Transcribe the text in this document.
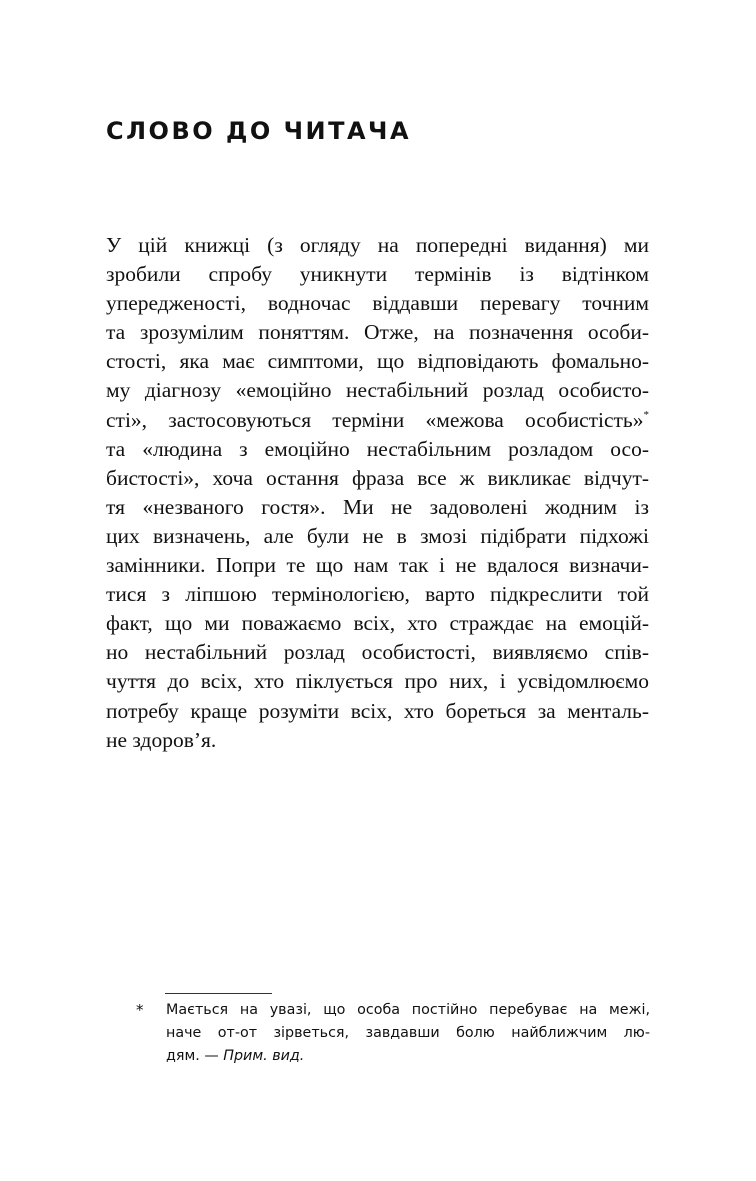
СЛОВО ДО ЧИТАЧА
У цій книжці (з огляду на попередні видання) ми
зробили спробу уникнути термінів із відтінком
упередженості, водночас віддавши перевагу точним
та зрозумілим поняттям. Отже, на позначення особи-
стості, яка має симптоми, що відповідають фомально-
му діагнозу «емоційно нестабільний розлад особисто-
сті», застосовуються терміни «межова особистість»*
та «людина з емоційно нестабільним розладом осо-
бистості», хоча остання фраза все ж викликає відчут-
тя «незваного гостя». Ми не задоволені жодним із
цих визначень, але були не в змозі підібрати підхожі
замінники. Попри те що нам так і не вдалося визначи-
тися з ліпшою термінологією, варто підкреслити той
факт, що ми поважаємо всіх, хто страждає на емоцій-
но нестабільний розлад особистості, виявляємо спів-
чуття до всіх, хто піклується про них, і усвідомлюємо
потребу краще розуміти всіх, хто бореться за менталь-
не здоров’я.
* Мається на увазі, що особа постійно перебуває на межі,
наче от-от зірветься, завдавши болю найближчим лю-
дям. — Прим. вид.
